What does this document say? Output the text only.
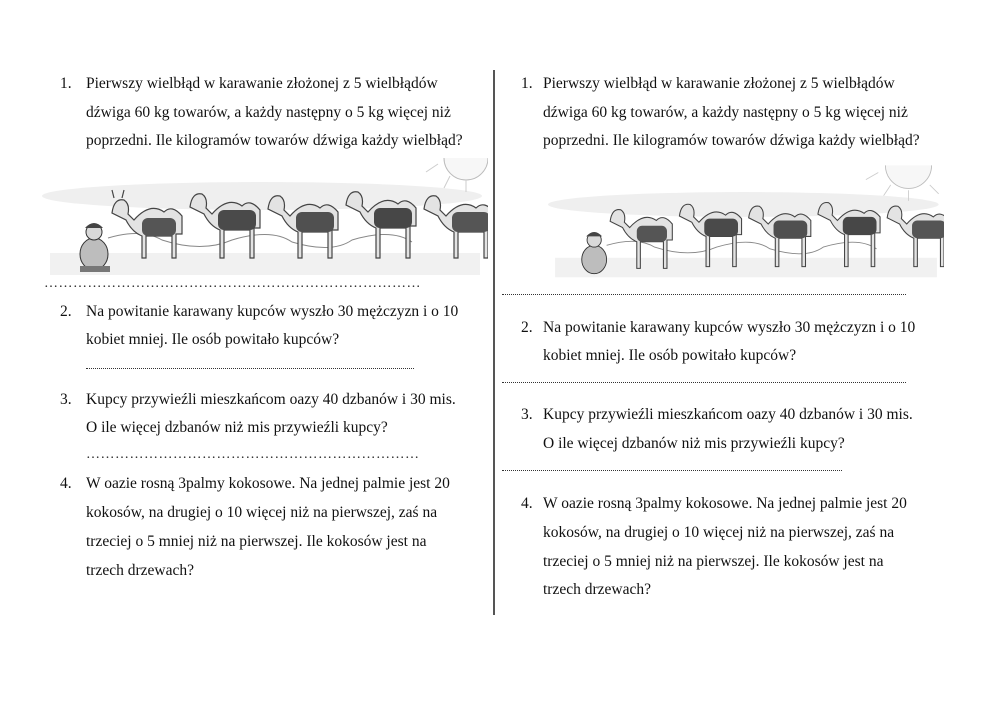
1. Pierwszy wielbłąd w karawanie złożonej z 5 wielbłądów
dźwiga 60 kg towarów, a każdy następny o 5 kg więcej niż
poprzedni. Ile kilogramów towarów dźwiga każdy wielbłąd?
……………………………………………………………………
2. Na powitanie karawany kupców wyszło 30 mężczyzn i o 10
kobiet mniej. Ile osób powitało kupców?
3. Kupcy przywieźli mieszkańcom oazy 40 dzbanów i 30 mis.
O ile więcej dzbanów niż mis przywieźli kupcy?
……………………………………………………………
4. W oazie rosną 3palmy kokosowe. Na jednej palmie jest 20
kokosów, na drugiej o 10 więcej niż na pierwszej, zaś na
trzeciej o 5 mniej niż na pierwszej. Ile kokosów jest na
trzech drzewach?
1. Pierwszy wielbłąd w karawanie złożonej z 5 wielbłądów
dźwiga 60 kg towarów, a każdy następny o 5 kg więcej niż
poprzedni. Ile kilogramów towarów dźwiga każdy wielbłąd?
2. Na powitanie karawany kupców wyszło 30 mężczyzn i o 10
kobiet mniej. Ile osób powitało kupców?
3. Kupcy przywieźli mieszkańcom oazy 40 dzbanów i 30 mis.
O ile więcej dzbanów niż mis przywieźli kupcy?
4. W oazie rosną 3palmy kokosowe. Na jednej palmie jest 20
kokosów, na drugiej o 10 więcej niż na pierwszej, zaś na
trzeciej o 5 mniej niż na pierwszej. Ile kokosów jest na
trzech drzewach?
